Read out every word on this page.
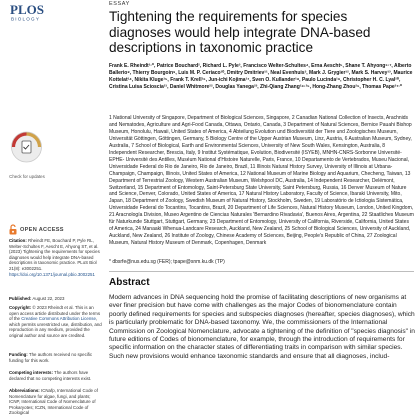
PLOS
BIOLOGY
Check for updates
OPEN ACCESS
Citation: Rheindt FE, Bouchard P, Pyle RL, Welter-Schultes F, Aescht E, Ahyong ST, et al. (2023) Tightening the requirements for species diagnoses would help integrate DNA-based descriptions in taxonomic practice. PLoS Biol 21(8): e3002251. https://doi.org/10.1371/journal.pbio.3002251
Published: August 22, 2023
Copyright: © 2023 Rheindt et al. This is an open access article distributed under the terms of the Creative Commons Attribution License, which permits unrestricted use, distribution, and reproduction in any medium, provided the original author and source are credited.
Funding: The authors received no specific funding for this work.
Competing interests: The authors have declared that no competing interests exist.
Abbreviations: ICNafp, International Code of Nomenclature for algae, fungi, and plants; ICNP, International Code of Nomenclature of Prokaryotes; ICZN, International Code of Zoological
ESSAY
Tightening the requirements for species diagnoses would help integrate DNA-based descriptions in taxonomic practice
Frank E. Rheindt¹·*, Patrice Bouchard², Richard L. Pyle³, Francisco Welter-Schultes⁴, Erna Aescht⁵, Shane T. Ahyong⁶·⁷, Alberto Ballerio⁸, Thierry Bourgoin⁹, Luis M. P. Ceriaco¹⁰, Dmitry Dmitriev¹¹, Neal Evenhuis³, Mark J. Grygier¹², Mark S. Harvey¹³, Maurice Kottelat¹⁴, Nikita Kluge¹⁵, Frank T. Krell¹⁶, Jun-ichi Kojima¹⁷, Sven O. Kullander¹⁸, Paulo Lucinda¹⁹, Christopher H. C. Lyal²⁰, Cristina Luisa Scioscia²¹, Daniel Whitmore²², Douglas Yanega²³, Zhi-Qiang Zhang²⁴·²⁵, Hong-Zhang Zhou²⁶, Thomas Pape²⁷·*
1 National University of Singapore, Department of Biological Sciences, Singapore, 2 Canadian National Collection of Insects, Arachnids and Nematodes, Agriculture and Agri-Food Canada, Ottawa, Ontario, Canada, 3 Department of Natural Sciences, Bernice Pauahi Bishop Museum, Honolulu, Hawaii, United States of America, 4 Abteilung Evolution und Biodiversität der Tiere und Zoologisches Museum, Universität Göttingen, Göttingen, Germany, 5 Biology Centre of the Upper Austrian Museum, Linz, Austria, 6 Australian Museum, Sydney, Australia, 7 School of Biological, Earth and Environmental Sciences, University of New South Wales, Kensington, Australia, 8 Independent Researcher, Brescia, Italy, 9 Institut Systématique, Evolution, Biodiversité (ISYEB), MNHN-CNRS-Sorbonne Université-EPHE- Université des Antilles, Muséum National d'Histoire Naturelle, Paris, France, 10 Departamento de Vertebrados, Museu Nacional, Universidade Federal do Rio de Janeiro, Rio de Janeiro, Brazil, 11 Illinois Natural History Survey, University of Illinois at Urbana-Champaign, Champaign, Illinois, United States of America, 12 National Museum of Marine Biology and Aquarium, Checheng, Taiwan, 13 Department of Terrestrial Zoology, Western Australian Museum, Welshpool DC, Australia, 14 Independent Researcher, Delémont, Switzerland, 15 Department of Entomology, Saint-Petersburg State University, Saint Petersburg, Russia, 16 Denver Museum of Nature and Science, Denver, Colorado, United States of America, 17 Natural History Laboratory, Faculty of Science, Ibaraki University, Mito, Japan, 18 Department of Zoology, Swedish Museum of Natural History, Stockholm, Sweden, 19 Laboratório de Ictiologia Sistemática, Universidade Federal do Tocantins, Tocantins, Brazil, 20 Department of Life Sciences, Natural History Museum, London, United Kingdom, 21 Aracnología Division, Museo Argentino de Ciencias Naturales 'Bernardino Rivadavia', Buenos Aires, Argentina, 22 Staatliches Museum für Naturkunde Stuttgart, Stuttgart, Germany, 23 Department of Entomology, University of California, Riverside, California, United States of America, 24 Manaaki Whenua-Landcare Research, Auckland, New Zealand, 25 School of Biological Sciences, University of Auckland, Auckland, New Zealand, 26 Institute of Zoology, Chinese Academy of Sciences, Beijing, People's Republic of China, 27 Zoological Museum, Natural History Museum of Denmark, Copenhagen, Denmark
* dbsrfe@nus.edu.sg (FER); tpape@snm.ku.dk (TP)
Abstract

Modern advances in DNA sequencing hold the promise of facilitating descriptions of new organisms at ever finer precision but have come with challenges as the major Codes of bionomenclature contain poorly defined requirements for species and subspecies diagnoses (hereafter, species diagnoses), which is particularly problematic for DNA-based taxonomy. We, the commissioners of the International Commission on Zoological Nomenclature, advocate a tightening of the definition of "species diagnosis" in future editions of Codes of bionomenclature, for example, through the introduction of requirements for specific information on the character states of differentiating traits in comparison with similar species. Such new provisions would enhance taxonomic standards and ensure that all diagnoses, includ-
